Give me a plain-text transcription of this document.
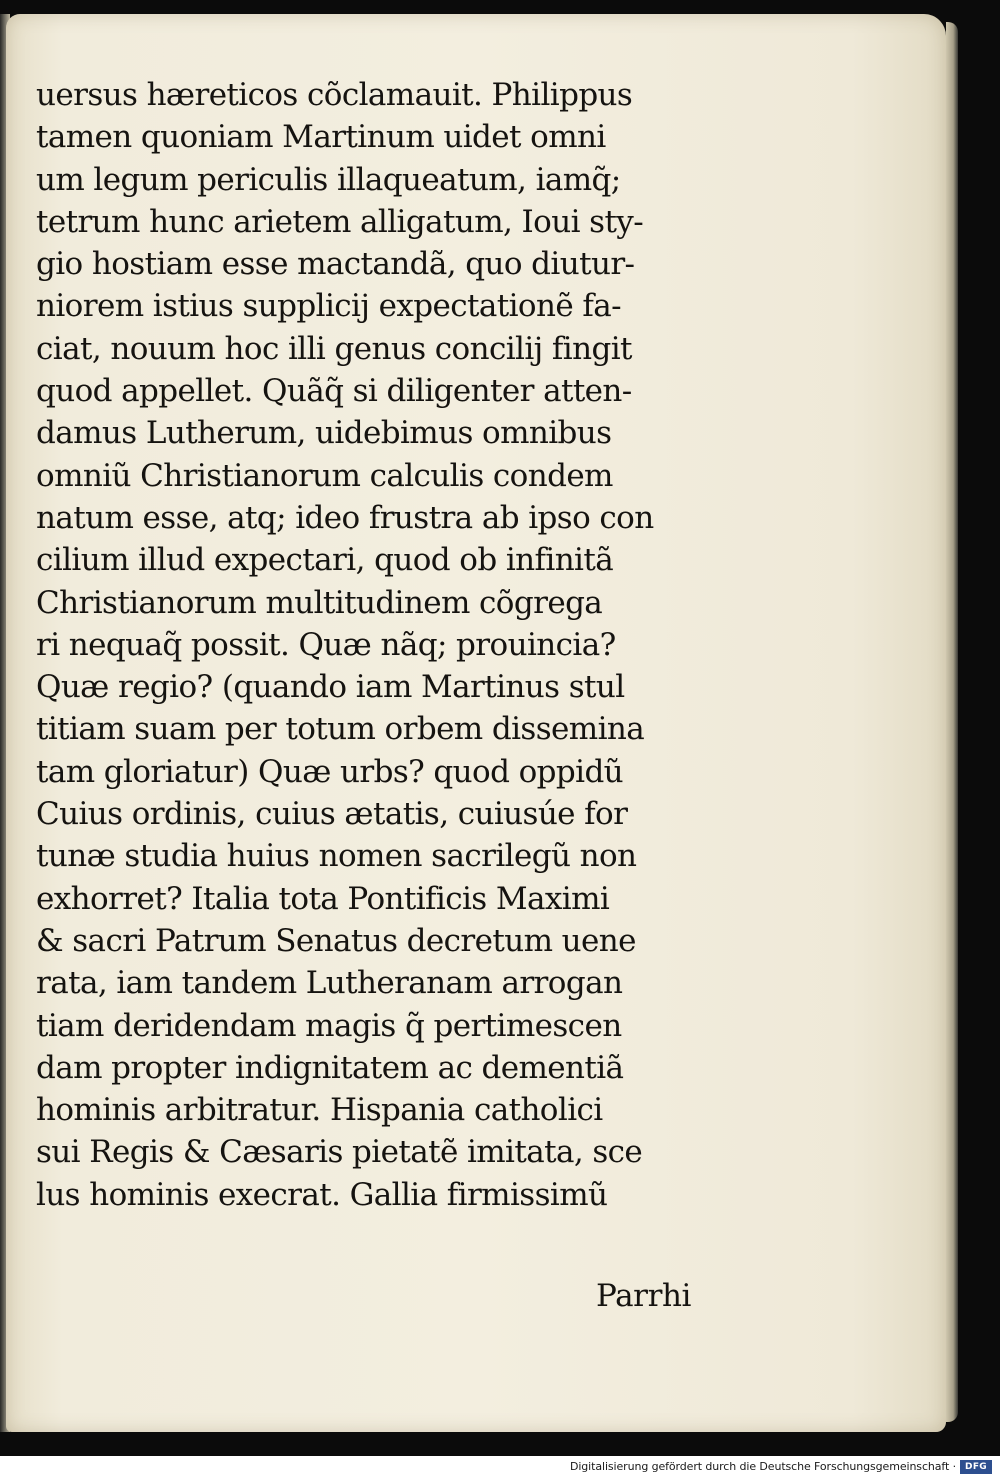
uersus hæreticos cõclamauit. Philippus
tamen quoniam Martinum uidet omni
um legum periculis illaqueatum, iamq̃;
tetrum hunc arietem alligatum, Ioui sty-
gio hostiam esse mactandã, quo diutur-
niorem istius supplicij expectationẽ fa-
ciat, nouum hoc illi genus concilij fingit
quod appellet. Quãq̃ si diligenter atten-
damus Lutherum, uidebimus omnibus
omniũ Christianorum calculis condem
natum esse, atq; ideo frustra ab ipso con
cilium illud expectari, quod ob infinitã
Christianorum multitudinem cõgrega
ri nequaq̃ possit. Quæ nãq; prouincia?
Quæ regio? (quando iam Martinus stul
titiam suam per totum orbem dissemina
tam gloriatur) Quæ urbs? quod oppidũ
Cuius ordinis, cuius ætatis, cuiusúe for
tunæ studia huius nomen sacrilegũ non
exhorret? Italia tota Pontificis Maximi
& sacri Patrum Senatus decretum uene
rata, iam tandem Lutheranam arrogan
tiam deridendam magis q̃ pertimescen
dam propter indignitatem ac dementiã
hominis arbitratur. Hispania catholici
sui Regis & Cæsaris pietatẽ imitata, sce
lus hominis execrat. Gallia firmissimũ
Parrhi
Digitalisierung gefördert durch die Deutsche Forschungsgemeinschaft ·	DFG
